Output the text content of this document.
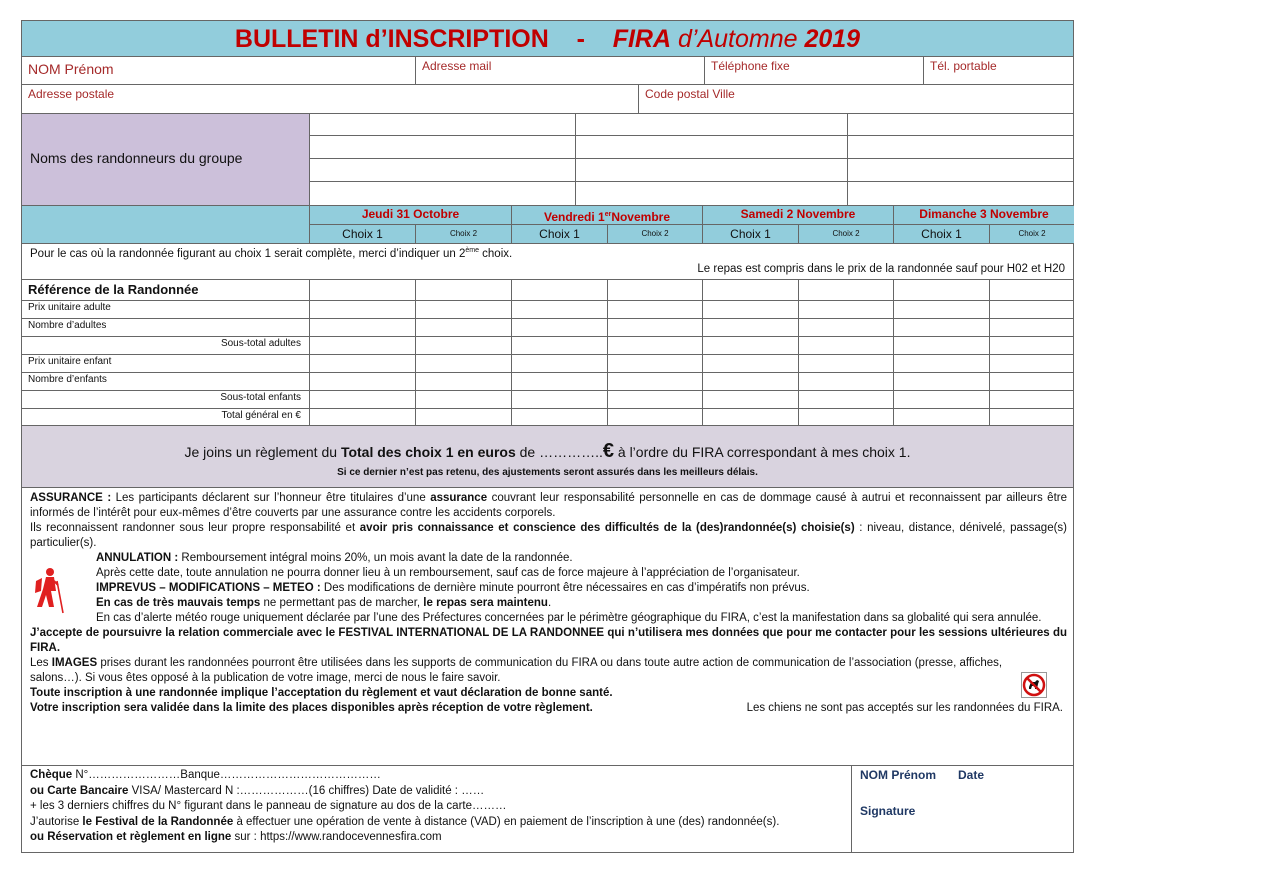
BULLETIN d’INSCRIPTION - FIRA d’Automne 2019
NOM Prénom	Adresse mail	Téléphone fixe	Tél. portable
Adresse postale	Code postal Ville
Noms des randonneurs du groupe
Jeudi 31 Octobre	Vendredi 1erNovembre	Samedi 2 Novembre	Dimanche 3 Novembre
Choix 1	Choix 2	Choix 1	Choix 2	Choix 1	Choix 2	Choix 1	Choix 2
Pour le cas où la randonnée figurant au choix 1 serait complète, merci d’indiquer un 2ème choix.
Le repas est compris dans le prix de la randonnée sauf pour H02 et H20
Référence de la Randonnée
Prix unitaire adulte
Nombre d’adultes
Sous-total adultes
Prix unitaire enfant
Nombre d’enfants
Sous-total enfants
Total général en €
Je joins un règlement du Total des choix 1 en euros de …………..€ à l’ordre du FIRA correspondant à mes choix 1.
Si ce dernier n’est pas retenu, des ajustements seront assurés dans les meilleurs délais.

ASSURANCE : Les participants déclarent sur l’honneur être titulaires d’une assurance couvrant leur responsabilité personnelle en cas de dommage causé à autrui et reconnaissent par ailleurs être informés de l’intérêt pour eux-mêmes d’être couverts par une assurance contre les accidents corporels.

Ils reconnaissent randonner sous leur propre responsabilité et avoir pris connaissance et conscience des difficultés de la (des)randonnée(s) choisie(s) : niveau, distance, dénivelé, passage(s) particulier(s).

ANNULATION : Remboursement intégral moins 20%, un mois avant la date de la randonnée.

Après cette date, toute annulation ne pourra donner lieu à un remboursement, sauf cas de force majeure à l’appréciation de l’organisateur.

IMPREVUS – MODIFICATIONS – METEO : Des modifications de dernière minute pourront être nécessaires en cas d’impératifs non prévus.

En cas de très mauvais temps ne permettant pas de marcher, le repas sera maintenu.

En cas d’alerte météo rouge uniquement déclarée par l’une des Préfectures concernées par le périmètre géographique du FIRA, c’est la manifestation dans sa globalité qui sera annulée.

J’accepte de poursuivre la relation commerciale avec le FESTIVAL INTERNATIONAL DE LA RANDONNEE qui n’utilisera mes données que pour me contacter pour les sessions ultérieures du FIRA.

Les IMAGES prises durant les randonnées pourront être utilisées dans les supports de communication du FIRA ou dans toute autre action de communication de l’association (presse, affiches, salons…). Si vous êtes opposé à la publication de votre image, merci de nous le faire savoir.

Toute inscription à une randonnée implique l’acceptation du règlement et vaut déclaration de bonne santé.

Votre inscription sera validée dans la limite des places disponibles après réception de votre règlement.	Les chiens ne sont pas acceptés sur les randonnées du FIRA.

Chèque N°……………………Banque……………………………………
ou Carte Bancaire VISA/ Mastercard N :………………(16 chiffres) Date de validité : ……
+ les 3 derniers chiffres du N° figurant dans le panneau de signature au dos de la carte………
J’autorise le Festival de la Randonnée à effectuer une opération de vente à distance (VAD) en paiement de l’inscription à une (des) randonnée(s).
ou Réservation et règlement en ligne sur : https://www.randocevennesfira.com
NOM Prénom Date
Signature
